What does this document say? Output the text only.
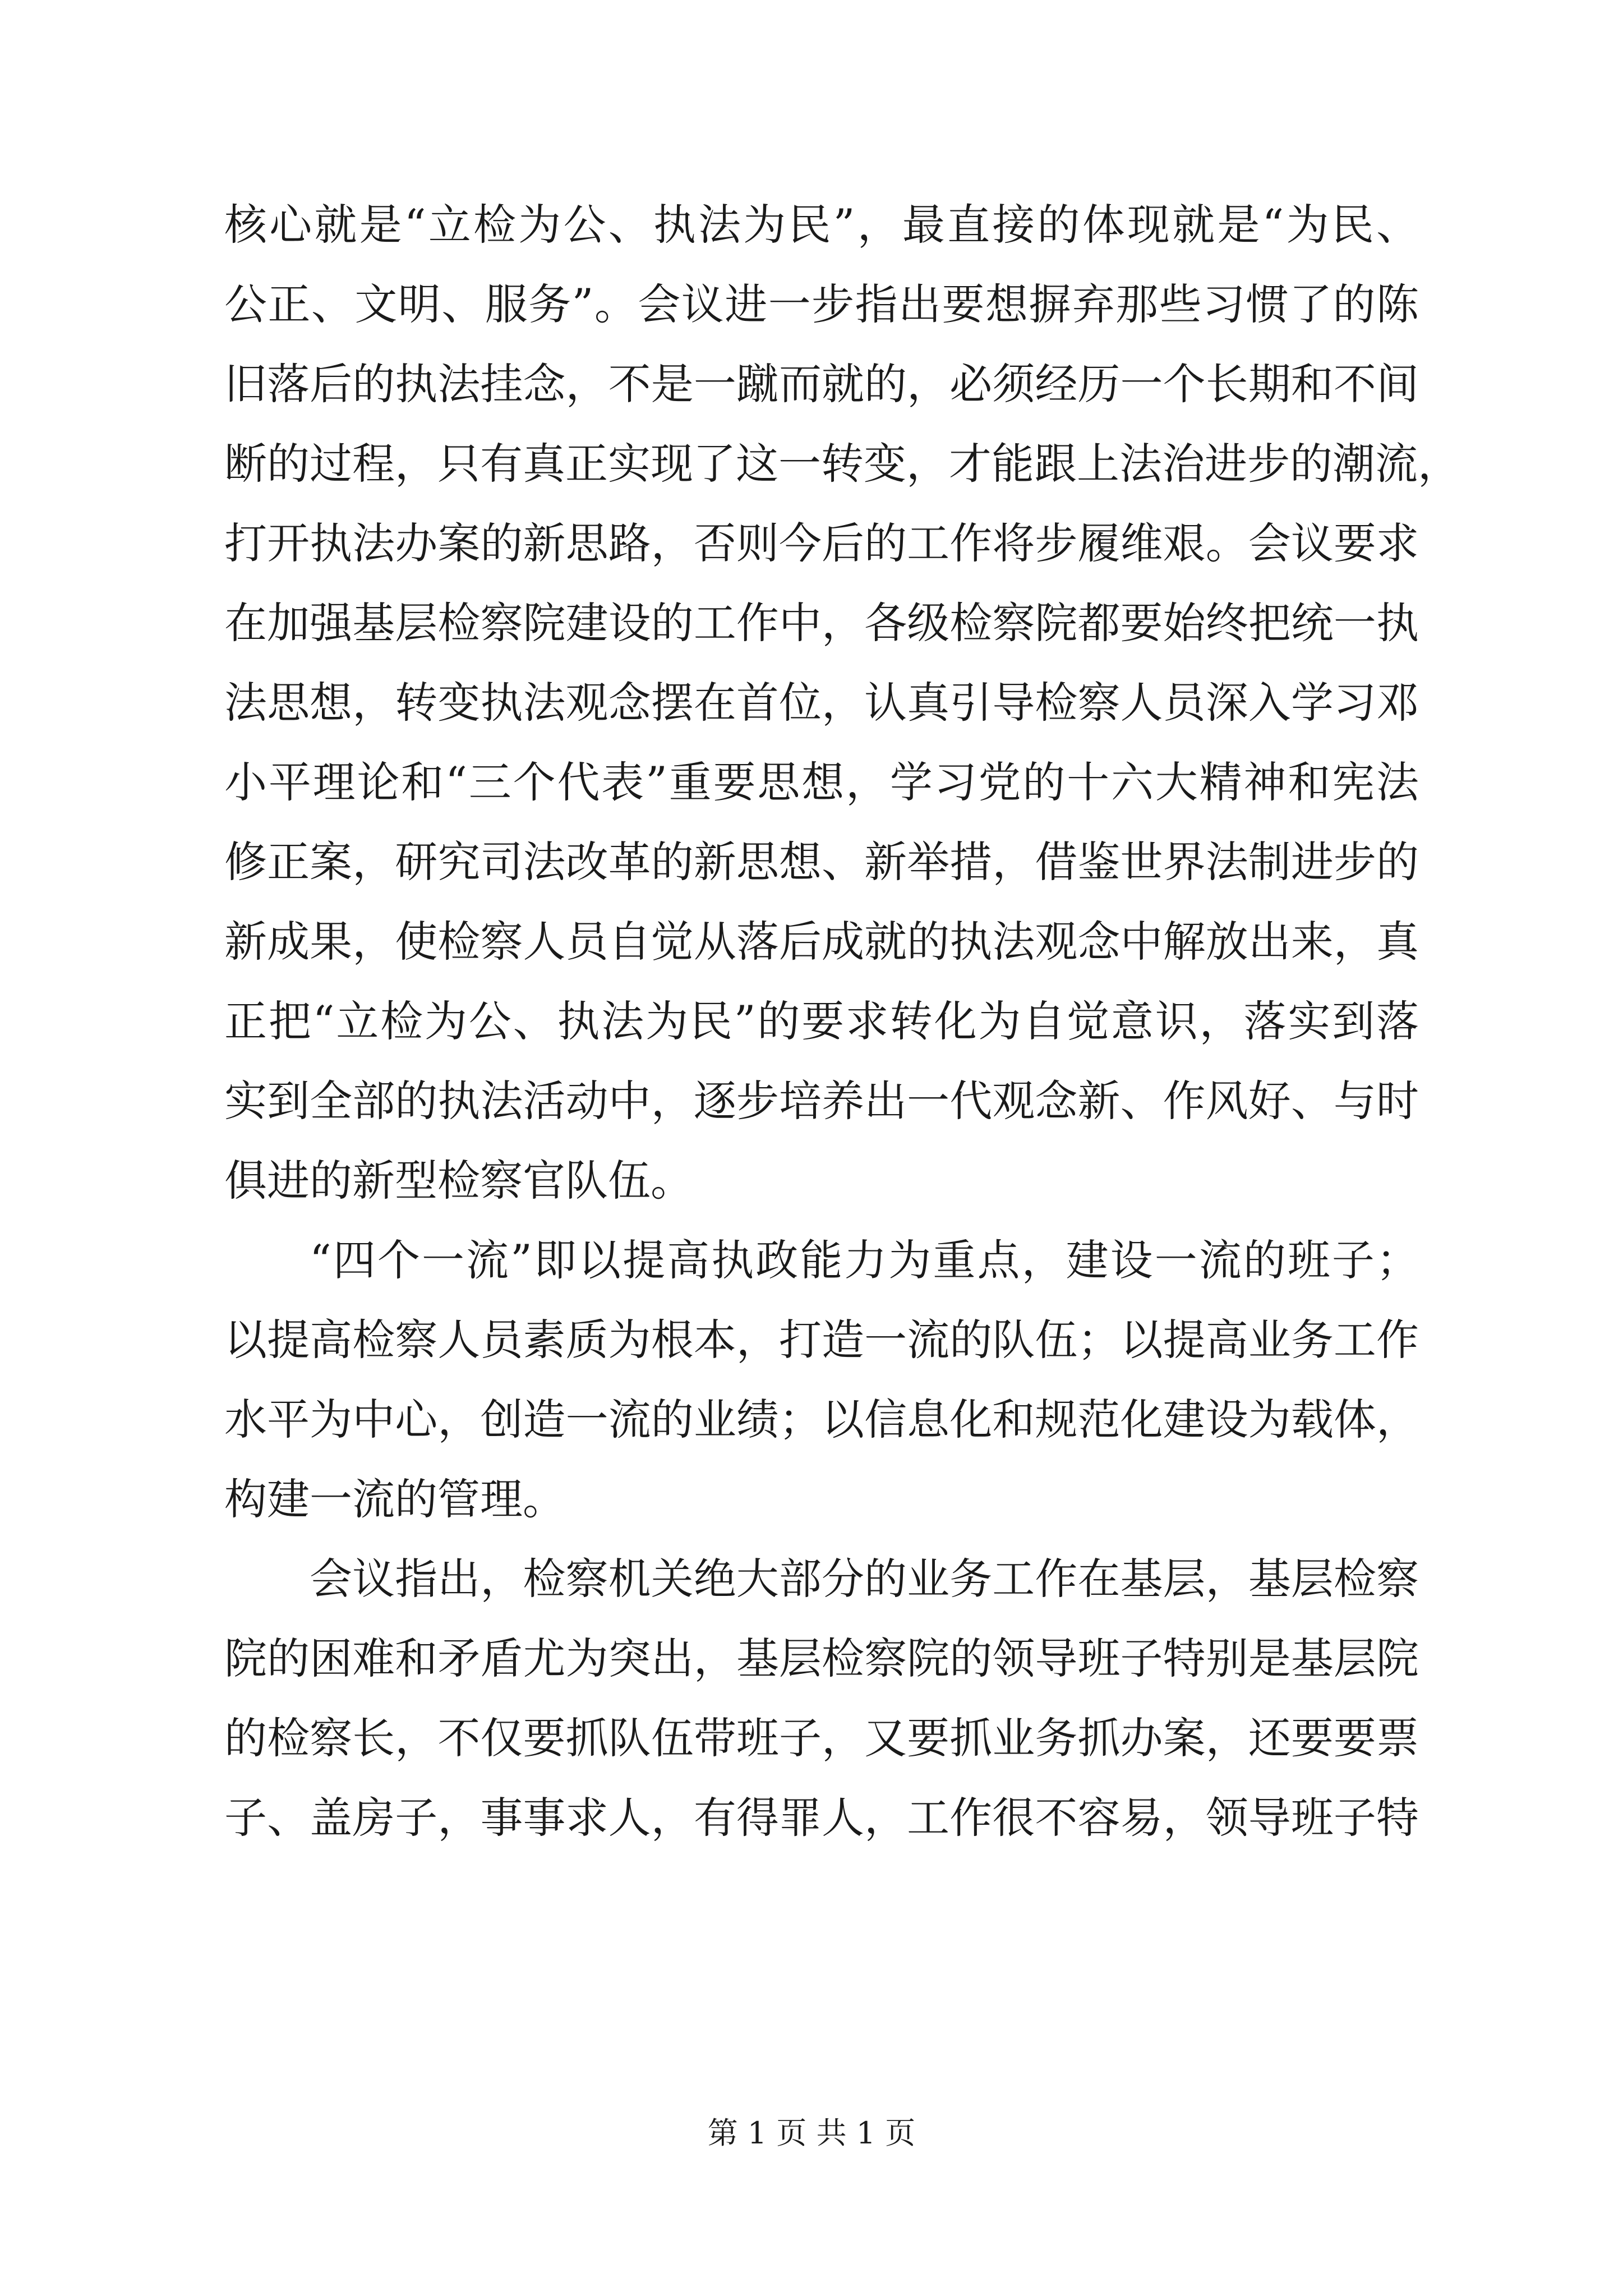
核心就是“立检为公、执法为民”，最直接的体现就是“为民、
公正、文明、服务”。会议进一步指出要想摒弃那些习惯了的陈
旧落后的执法挂念，不是一蹴而就的，必须经历一个长期和不间
断的过程，只有真正实现了这一转变，才能跟上法治进步的潮流，
打开执法办案的新思路，否则今后的工作将步履维艰。会议要求
在加强基层检察院建设的工作中，各级检察院都要始终把统一执
法思想，转变执法观念摆在首位，认真引导检察人员深入学习邓
小平理论和“三个代表”重要思想，学习党的十六大精神和宪法
修正案，研究司法改革的新思想、新举措，借鉴世界法制进步的
新成果，使检察人员自觉从落后成就的执法观念中解放出来，真
正把“立检为公、执法为民”的要求转化为自觉意识，落实到落
实到全部的执法活动中，逐步培养出一代观念新、作风好、与时
俱进的新型检察官队伍。
“四个一流”即以提高执政能力为重点，建设一流的班子；
以提高检察人员素质为根本，打造一流的队伍；以提高业务工作
水平为中心，创造一流的业绩；以信息化和规范化建设为载体，
构建一流的管理。
会议指出，检察机关绝大部分的业务工作在基层，基层检察
院的困难和矛盾尤为突出，基层检察院的领导班子特别是基层院
的检察长，不仅要抓队伍带班子，又要抓业务抓办案，还要要票
子、盖房子，事事求人，有得罪人，工作很不容易，领导班子特
第 1 页 共 1 页
